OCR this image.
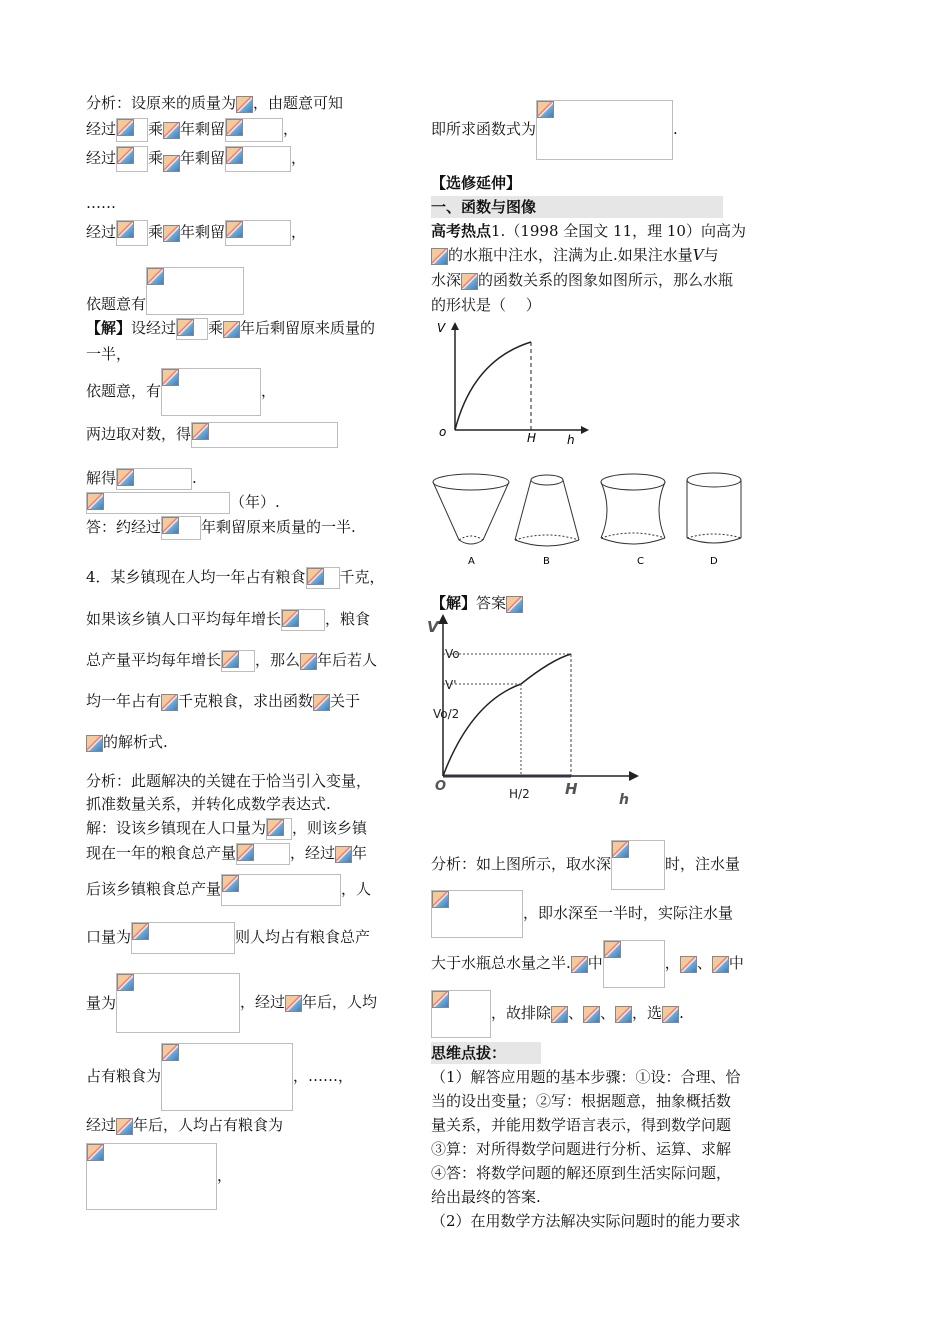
分析：设原来的质量为 ，由题意可知
经过 乘 年剩留	，
经过 乘 年剩留	，
……
经过 乘 年剩留	，
依题意有
【解】设经过 乘 年后剩留原来质量的
一半，
依题意，有	，
两边取对数，得
解得	.
（年）.
答：约经过	年剩留原来质量的一半.
4．某乡镇现在人均一年占有粮食 千克，
如果该乡镇人口平均每年增长	，粮食
总产量平均每年增长 ，那么 年后若人
均一年占有 千克粮食，求出函数 关于
的解析式.
分析：此题解决的关键在于恰当引入变量，
抓准数量关系，并转化成数学表达式.
解：设该乡镇现在人口量为 ，则该乡镇
现在一年的粮食总产量	，经过 年
后该乡镇粮食总产量	，人
口量为	则人均占有粮食总产
量为	，经过 年后，人均
占有粮食为	，……，
经过 年后，人均占有粮食为
，
即所求函数式为	.
【选修延伸】
一、函数与图像
高考热点1.（1998 全国文 11，理 10）向高为
的水瓶中注水，注满为止.如果注水量V与
水深 的函数关系的图象如图所示，那么水瓶
的形状是（　 ）
V
o	H	h
A	B	C	D
【解】答案
V
Vo
V'
Vo/2
O	H/2 H
h
分析：如上图所示，取水深	时，注水量
，即水深至一半时，实际注水量
大于水瓶总水量之半. 中	， 、 中
，故排除 、 、 ，选 .
思维点拔：
（1）解答应用题的基本步骤：①设：合理、恰
当的设出变量；②写：根据题意，抽象概括数
量关系，并能用数学语言表示，得到数学问题
③算：对所得数学问题进行分析、运算、求解
④答：将数学问题的解还原到生活实际问题，
给出最终的答案.
（2）在用数学方法解决实际问题时的能力要求
